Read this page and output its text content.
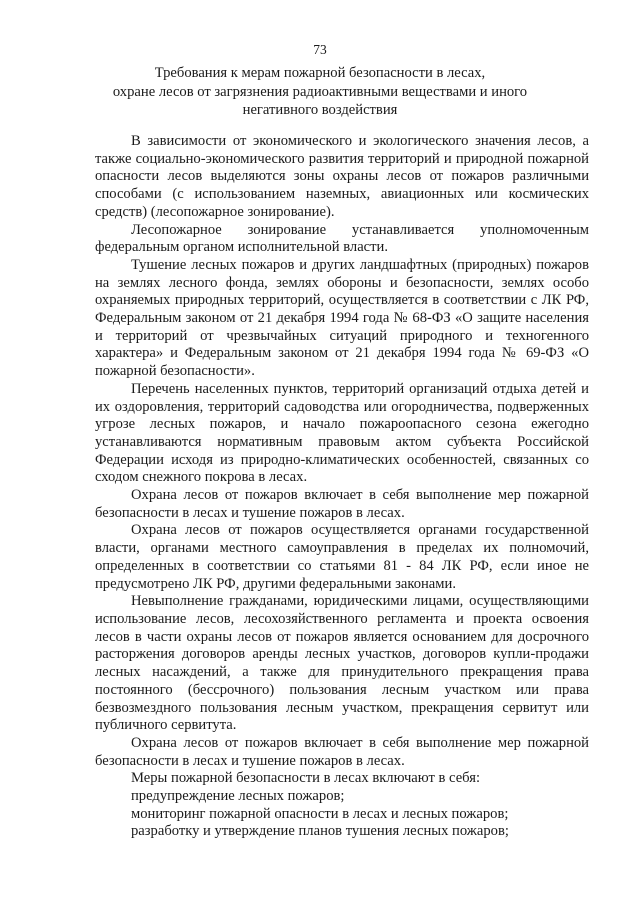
73
Требования к мерам пожарной безопасности в лесах,
охране лесов от загрязнения радиоактивными веществами и иного
негативного воздействия

В зависимости от экономического и экологического значения лесов, а также социально-экономического развития территорий и природной пожарной опасности лесов выделяются зоны охраны лесов от пожаров различными способами (с использованием наземных, авиационных или космических средств) (лесопожарное зонирование).

Лесопожарное зонирование устанавливается уполномоченным федеральным органом исполнительной власти.

Тушение лесных пожаров и других ландшафтных (природных) пожаров на землях лесного фонда, землях обороны и безопасности, землях особо охраняемых природных территорий, осуществляется в соответствии с ЛК РФ, Федеральным законом от 21 декабря 1994 года № 68-ФЗ «О защите населения и территорий от чрезвычайных ситуаций природного и техногенного характера» и Федеральным законом от 21 декабря 1994 года № 69-ФЗ «О пожарной безопасности».

Перечень населенных пунктов, территорий организаций отдыха детей и их оздоровления, территорий садоводства или огородничества, подверженных угрозе лесных пожаров, и начало пожароопасного сезона ежегодно устанавливаются нормативным правовым актом субъекта Российской Федерации исходя из природно-климатических особенностей, связанных со сходом снежного покрова в лесах.

Охрана лесов от пожаров включает в себя выполнение мер пожарной безопасности в лесах и тушение пожаров в лесах.

Охрана лесов от пожаров осуществляется органами государственной власти, органами местного самоуправления в пределах их полномочий, определенных в соответствии со статьями 81 - 84 ЛК РФ, если иное не предусмотрено ЛК РФ, другими федеральными законами.

Невыполнение гражданами, юридическими лицами, осуществляющими использование лесов, лесохозяйственного регламента и проекта освоения лесов в части охраны лесов от пожаров является основанием для досрочного расторжения договоров аренды лесных участков, договоров купли-продажи лесных насаждений, а также для принудительного прекращения права постоянного (бессрочного) пользования лесным участком или права безвозмездного пользования лесным участком, прекращения сервитут или публичного сервитута.

Охрана лесов от пожаров включает в себя выполнение мер пожарной безопасности в лесах и тушение пожаров в лесах.

Меры пожарной безопасности в лесах включают в себя:

предупреждение лесных пожаров;

мониторинг пожарной опасности в лесах и лесных пожаров;

разработку и утверждение планов тушения лесных пожаров;
